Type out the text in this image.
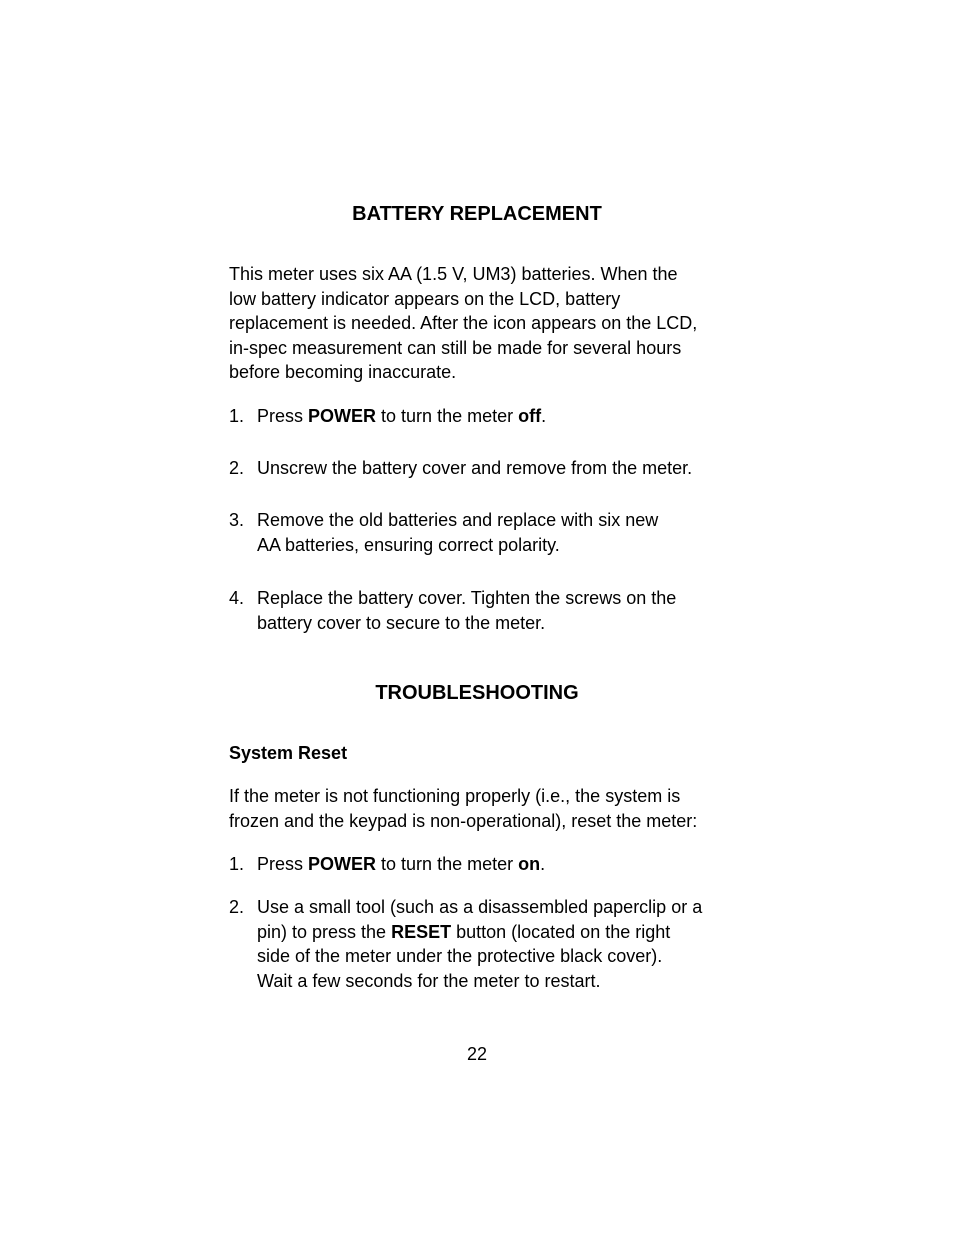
BATTERY REPLACEMENT
This meter uses six AA (1.5 V, UM3) batteries. When the
low battery indicator appears on the LCD, battery
replacement is needed. After the icon appears on the LCD,
in-spec measurement can still be made for several hours
before becoming inaccurate.
1. Press POWER to turn the meter off.
2. Unscrew the battery cover and remove from the meter.
3. Remove the old batteries and replace with six new
AA batteries, ensuring correct polarity.
4. Replace the battery cover. Tighten the screws on the
battery cover to secure to the meter.
TROUBLESHOOTING
System Reset
If the meter is not functioning properly (i.e., the system is
frozen and the keypad is non-operational), reset the meter:
1. Press POWER to turn the meter on.
2. Use a small tool (such as a disassembled paperclip or a
pin) to press the RESET button (located on the right
side of the meter under the protective black cover).
Wait a few seconds for the meter to restart.
22
